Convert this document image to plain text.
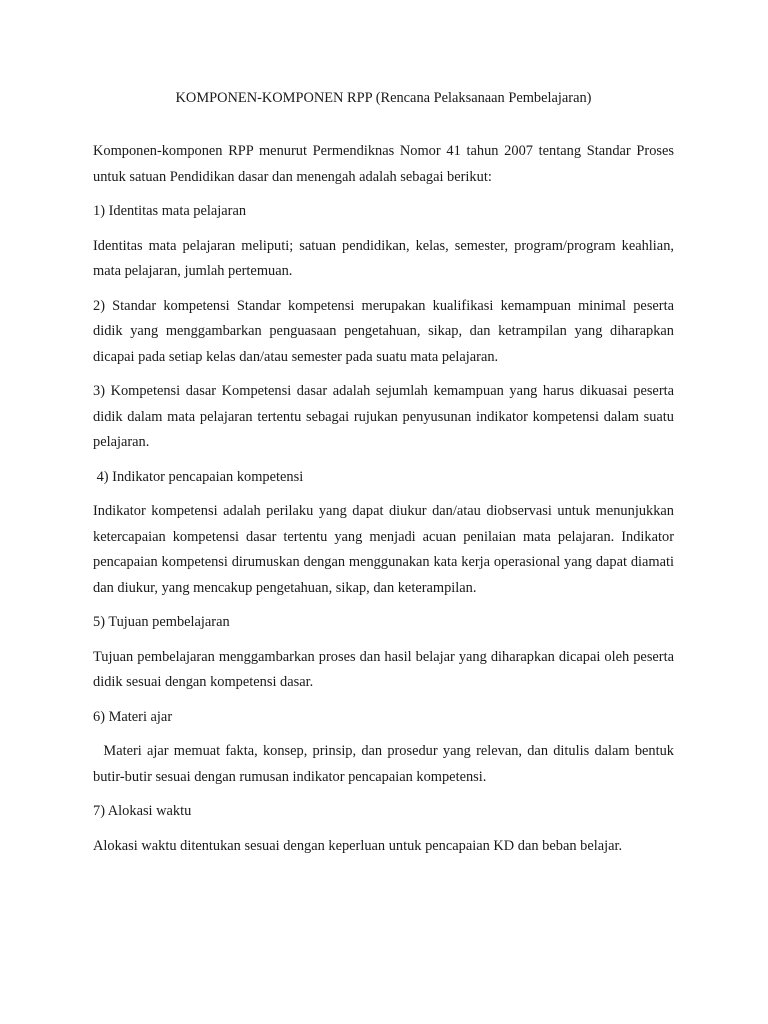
KOMPONEN-KOMPONEN RPP (Rencana Pelaksanaan Pembelajaran)

Komponen-komponen RPP menurut Permendiknas Nomor 41 tahun 2007 tentang Standar Proses untuk satuan Pendidikan dasar dan menengah adalah sebagai berikut:

1) Identitas mata pelajaran

Identitas mata pelajaran meliputi; satuan pendidikan, kelas, semester, program/program keahlian, mata pelajaran, jumlah pertemuan.

2) Standar kompetensi Standar kompetensi merupakan kualifikasi kemampuan minimal peserta didik yang menggambarkan penguasaan pengetahuan, sikap, dan ketrampilan yang diharapkan dicapai pada setiap kelas dan/atau semester pada suatu mata pelajaran.

3) Kompetensi dasar Kompetensi dasar adalah sejumlah kemampuan yang harus dikuasai peserta didik dalam mata pelajaran tertentu sebagai rujukan penyusunan indikator kompetensi dalam suatu pelajaran.

4) Indikator pencapaian kompetensi

Indikator kompetensi adalah perilaku yang dapat diukur dan/atau diobservasi untuk menunjukkan ketercapaian kompetensi dasar tertentu yang menjadi acuan penilaian mata pelajaran. Indikator pencapaian kompetensi dirumuskan dengan menggunakan kata kerja operasional yang dapat diamati dan diukur, yang mencakup pengetahuan, sikap, dan keterampilan.

5) Tujuan pembelajaran

Tujuan pembelajaran menggambarkan proses dan hasil belajar yang diharapkan dicapai oleh peserta didik sesuai dengan kompetensi dasar.

6) Materi ajar

Materi ajar memuat fakta, konsep, prinsip, dan prosedur yang relevan, dan ditulis dalam bentuk butir-butir sesuai dengan rumusan indikator pencapaian kompetensi.

7) Alokasi waktu

Alokasi waktu ditentukan sesuai dengan keperluan untuk pencapaian KD dan beban belajar.
